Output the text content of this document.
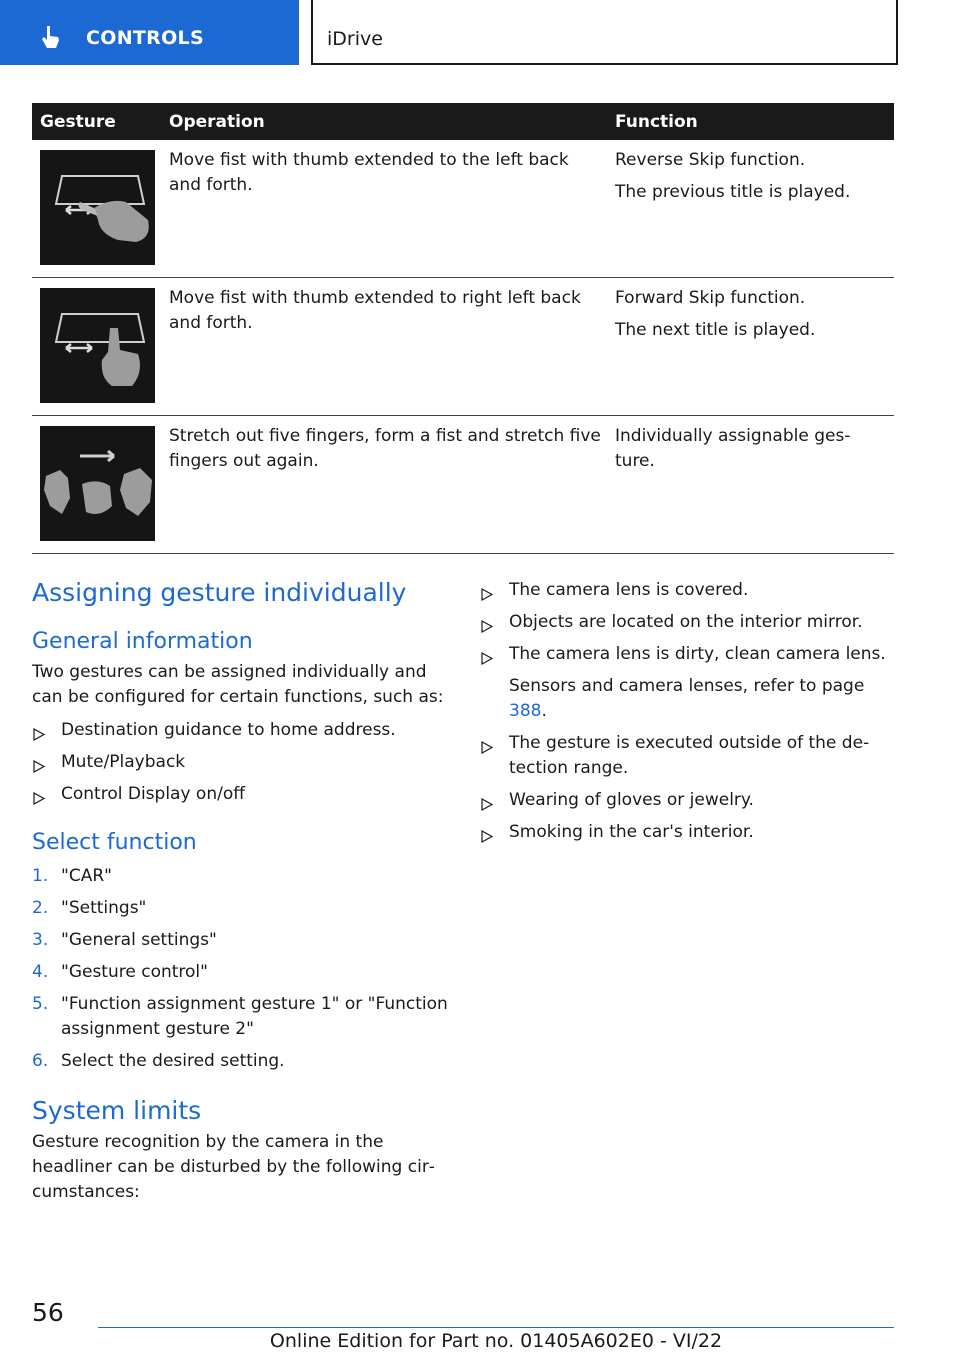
CONTROLS	iDrive
Gesture	Operation	Function

Move fist with thumb extended to the left back and forth.	Reverse Skip function.

The previous title is played.

Move fist with thumb extended to right left back and forth.	Forward Skip function.

The next title is played.

Stretch out five fingers, form a fist and stretch five fingers out again.	Individually assignable ges‐ ture.

Assigning gesture individually
General information

Two gestures can be assigned individually and can be configured for certain functions, such as:

Destination guidance to home address.
Mute/Playback
Control Display on/off
Select function
1. "CAR"
2. "Settings"
3. "General settings"
4. "Gesture control"
5. "Function assignment gesture 1" or "Function assignment gesture 2"
6. Select the desired setting.
System limits

Gesture recognition by the camera in the headliner can be disturbed by the following cir‐ cumstances:

The camera lens is covered.
Objects are located on the interior mirror.
The camera lens is dirty, clean camera lens.
Sensors and camera lenses, refer to page 388.
The gesture is executed outside of the de‐ tection range.
Wearing of gloves or jewelry.
Smoking in the car's interior.
56
Online Edition for Part no. 01405A602E0 - VI/22
